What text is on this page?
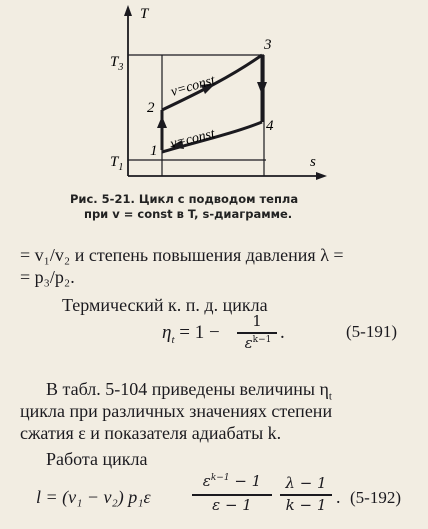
T
s
$T_3$
$T_1$
1
2
3
4
v=const
v=const
Рис. 5-21. Цикл с подводом тепла
при v = const в T, s-диаграмме.
= v₁/v₂ и степень повышения давления λ =
= p₃/p₂.
Термический к. п. д. цикла
$\eta_t = 1$ −
1
$\varepsilon^{k-1}$ .	(5-191)
В табл. 5-104 приведены величины $\eta_t$
цикла при различных значениях степени
сжатия ε и показателя адиабаты k.
Работа цикла
l = (v₁ − v₂) p₁ε
$\varepsilon^{k-1} - 1$
ε − 1
λ − 1
k − 1 . (5-192)
